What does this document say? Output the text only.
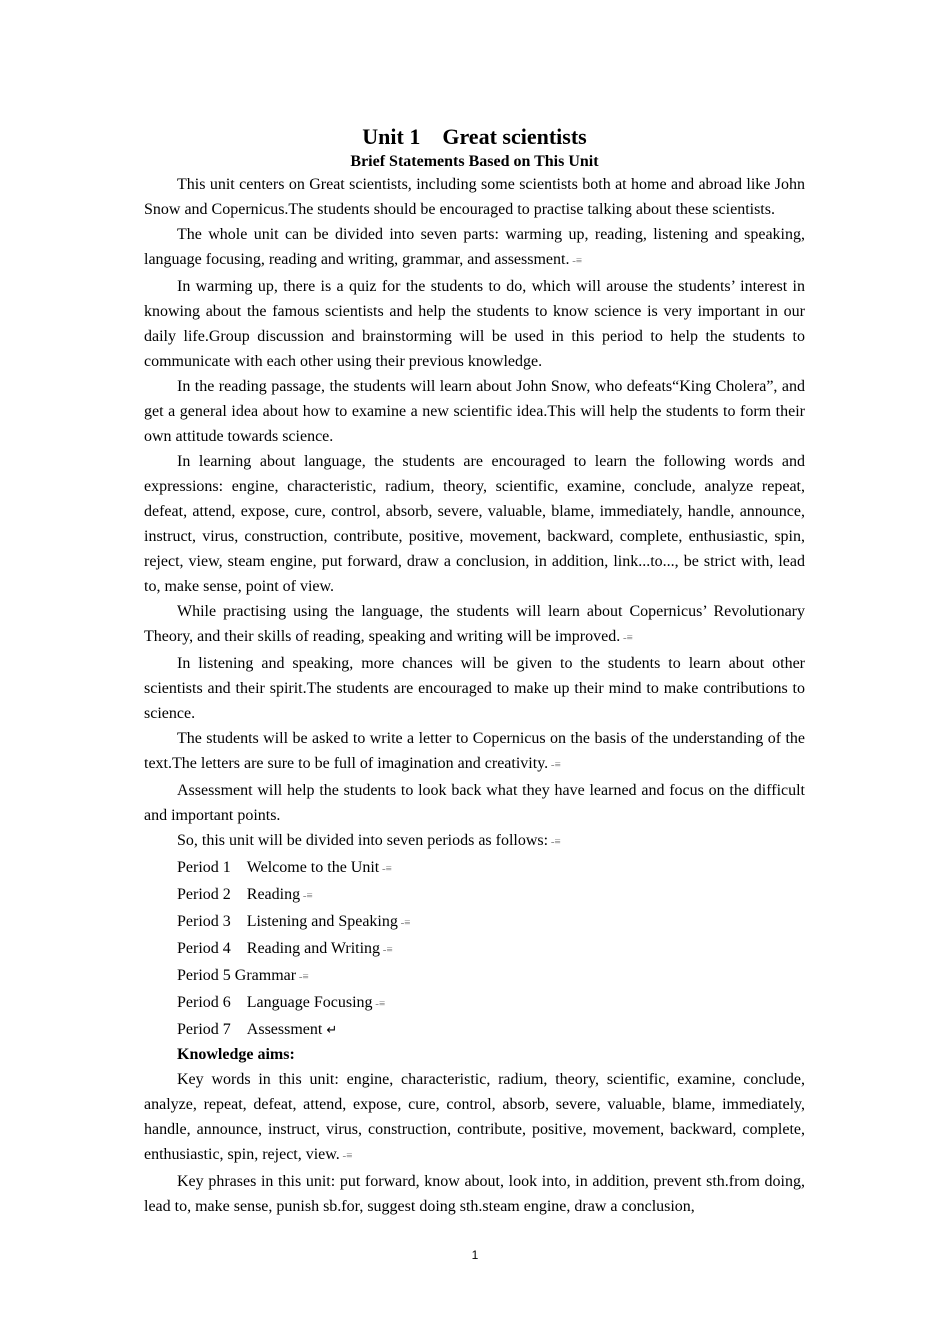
Unit 1    Great scientists
Brief Statements Based on This Unit

This unit centers on Great scientists, including some scientists both at home and abroad like John Snow and Copernicus.The students should be encouraged to practise talking about these scientists.

The whole unit can be divided into seven parts: warming up, reading, listening and speaking, language focusing, reading and writing, grammar, and assessment. -≡

In warming up, there is a quiz for the students to do, which will arouse the students’ interest in knowing about the famous scientists and help the students to know science is very important in our daily life.Group discussion and brainstorming will be used in this period to help the students to communicate with each other using their previous knowledge.

In the reading passage, the students will learn about John Snow, who defeats“King Cholera”, and get a general idea about how to examine a new scientific idea.This will help the students to form their own attitude towards science.

In learning about language, the students are encouraged to learn the following words and expressions: engine, characteristic, radium, theory, scientific, examine, conclude, analyze repeat, defeat, attend, expose, cure, control, absorb, severe, valuable, blame, immediately, handle, announce, instruct, virus, construction, contribute, positive, movement, backward, complete, enthusiastic, spin, reject, view, steam engine, put forward, draw a conclusion, in addition, link...to..., be strict with, lead to, make sense, point of view.

While practising using the language, the students will learn about Copernicus’ Revolutionary Theory, and their skills of reading, speaking and writing will be improved. -≡

In listening and speaking, more chances will be given to the students to learn about other scientists and their spirit.The students are encouraged to make up their mind to make contributions to science.

The students will be asked to write a letter to Copernicus on the basis of the understanding of the text.The letters are sure to be full of imagination and creativity. -≡

Assessment will help the students to look back what they have learned and focus on the difficult and important points.

So, this unit will be divided into seven periods as follows: -≡

Period 1 Welcome to the Unit -≡

Period 2 Reading -≡

Period 3 Listening and Speaking -≡

Period 4 Reading and Writing -≡

Period 5 Grammar -≡

Period 6 Language Focusing -≡

Period 7 Assessment ↵

Knowledge aims:

Key words in this unit: engine, characteristic, radium, theory, scientific, examine, conclude, analyze, repeat, defeat, attend, expose, cure, control, absorb, severe, valuable, blame, immediately, handle, announce, instruct, virus, construction, contribute, positive, movement, backward, complete, enthusiastic, spin, reject, view. -≡

Key phrases in this unit: put forward, know about, look into, in addition, prevent sth.from doing, lead to, make sense, punish sb.for, suggest doing sth.steam engine, draw a conclusion,

1
